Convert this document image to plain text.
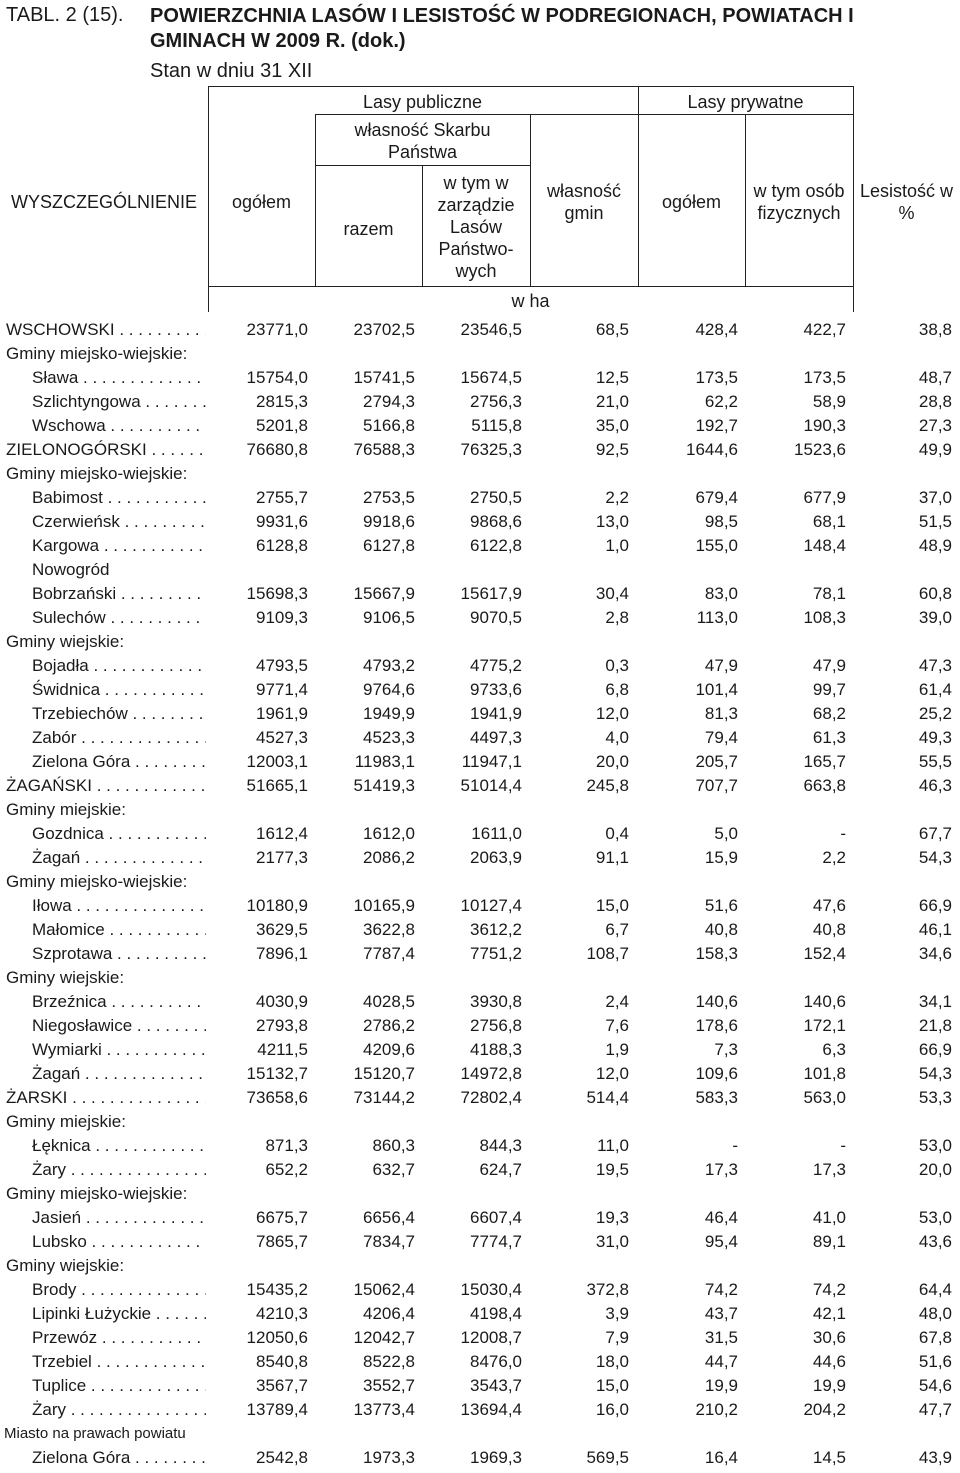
TABL. 2 (15). POWIERZCHNIA LASÓW I LESISTOŚĆ W PODREGIONACH, POWIATACH I GMINACH W 2009 R. (dok.)
Stan w dniu 31 XII
WYSZCZEGÓLNIENIE	ogółem
Lasy publiczne
własność Skarbu Państwa
razem
w tym w zarządzie Lasów Państwo-wych
własność gmin
Lasy prywatne
ogółem
w tym osób fizycznych
Lesistość w %
w ha
WSCHOWSKI . . .	23771,0	23702,5	23546,5	68,5	428,4	422,7	38,8
Gminy miejsko-wiejskie:
Sława . . .	15754,0	15741,5	15674,5	12,5	173,5	173,5	48,7
Szlichtyngowa . . .	2815,3	2794,3	2756,3	21,0	62,2	58,9	28,8
Wschowa . . .	5201,8	5166,8	5115,8	35,0	192,7	190,3	27,3
ZIELONOGÓRSKI . . .	76680,8	76588,3	76325,3	92,5	1644,6	1523,6	49,9
Gminy miejsko-wiejskie:
Babimost . . .	2755,7	2753,5	2750,5	2,2	679,4	677,9	37,0
Czerwieńsk . . .	9931,6	9918,6	9868,6	13,0	98,5	68,1	51,5
Kargowa . . .	6128,8	6127,8	6122,8	1,0	155,0	148,4	48,9
Nowogród
Bobrzański . . .	15698,3	15667,9	15617,9	30,4	83,0	78,1	60,8
Sulechów . . .	9109,3	9106,5	9070,5	2,8	113,0	108,3	39,0
Gminy wiejskie:
Bojadła . . .	4793,5	4793,2	4775,2	0,3	47,9	47,9	47,3
Świdnica . . .	9771,4	9764,6	9733,6	6,8	101,4	99,7	61,4
Trzebiechów . . .	1961,9	1949,9	1941,9	12,0	81,3	68,2	25,2
Zabór . . .	4527,3	4523,3	4497,3	4,0	79,4	61,3	49,3
Zielona Góra . . .	12003,1	11983,1	11947,1	20,0	205,7	165,7	55,5
ŻAGAŃSKI . . .	51665,1	51419,3	51014,4	245,8	707,7	663,8	46,3
Gminy miejskie:
Gozdnica . . .	1612,4	1612,0	1611,0	0,4	5,0	-	67,7
Żagań . . .	2177,3	2086,2	2063,9	91,1	15,9	2,2	54,3
Gminy miejsko-wiejskie:
Iłowa . . .	10180,9	10165,9	10127,4	15,0	51,6	47,6	66,9
Małomice . . .	3629,5	3622,8	3612,2	6,7	40,8	40,8	46,1
Szprotawa . . .	7896,1	7787,4	7751,2	108,7	158,3	152,4	34,6
Gminy wiejskie:
Brzeźnica . . .	4030,9	4028,5	3930,8	2,4	140,6	140,6	34,1
Niegosławice . . .	2793,8	2786,2	2756,8	7,6	178,6	172,1	21,8
Wymiarki . . .	4211,5	4209,6	4188,3	1,9	7,3	6,3	66,9
Żagań . . .	15132,7	15120,7	14972,8	12,0	109,6	101,8	54,3
ŻARSKI . . .	73658,6	73144,2	72802,4	514,4	583,3	563,0	53,3
Gminy miejskie:
Łęknica . . .	871,3	860,3	844,3	11,0	-	-	53,0
Żary . . .	652,2	632,7	624,7	19,5	17,3	17,3	20,0
Gminy miejsko-wiejskie:
Jasień . . .	6675,7	6656,4	6607,4	19,3	46,4	41,0	53,0
Lubsko . . .	7865,7	7834,7	7774,7	31,0	95,4	89,1	43,6
Gminy wiejskie:
Brody . . .	15435,2	15062,4	15030,4	372,8	74,2	74,2	64,4
Lipinki Łużyckie . . .	4210,3	4206,4	4198,4	3,9	43,7	42,1	48,0
Przewóz . . .	12050,6	12042,7	12008,7	7,9	31,5	30,6	67,8
Trzebiel . . .	8540,8	8522,8	8476,0	18,0	44,7	44,6	51,6
Tuplice . . .	3567,7	3552,7	3543,7	15,0	19,9	19,9	54,6
Żary . . .	13789,4	13773,4	13694,4	16,0	210,2	204,2	47,7
Miasto na prawach powiatu
Zielona Góra . . .	2542,8	1973,3	1969,3	569,5	16,4	14,5	43,9
